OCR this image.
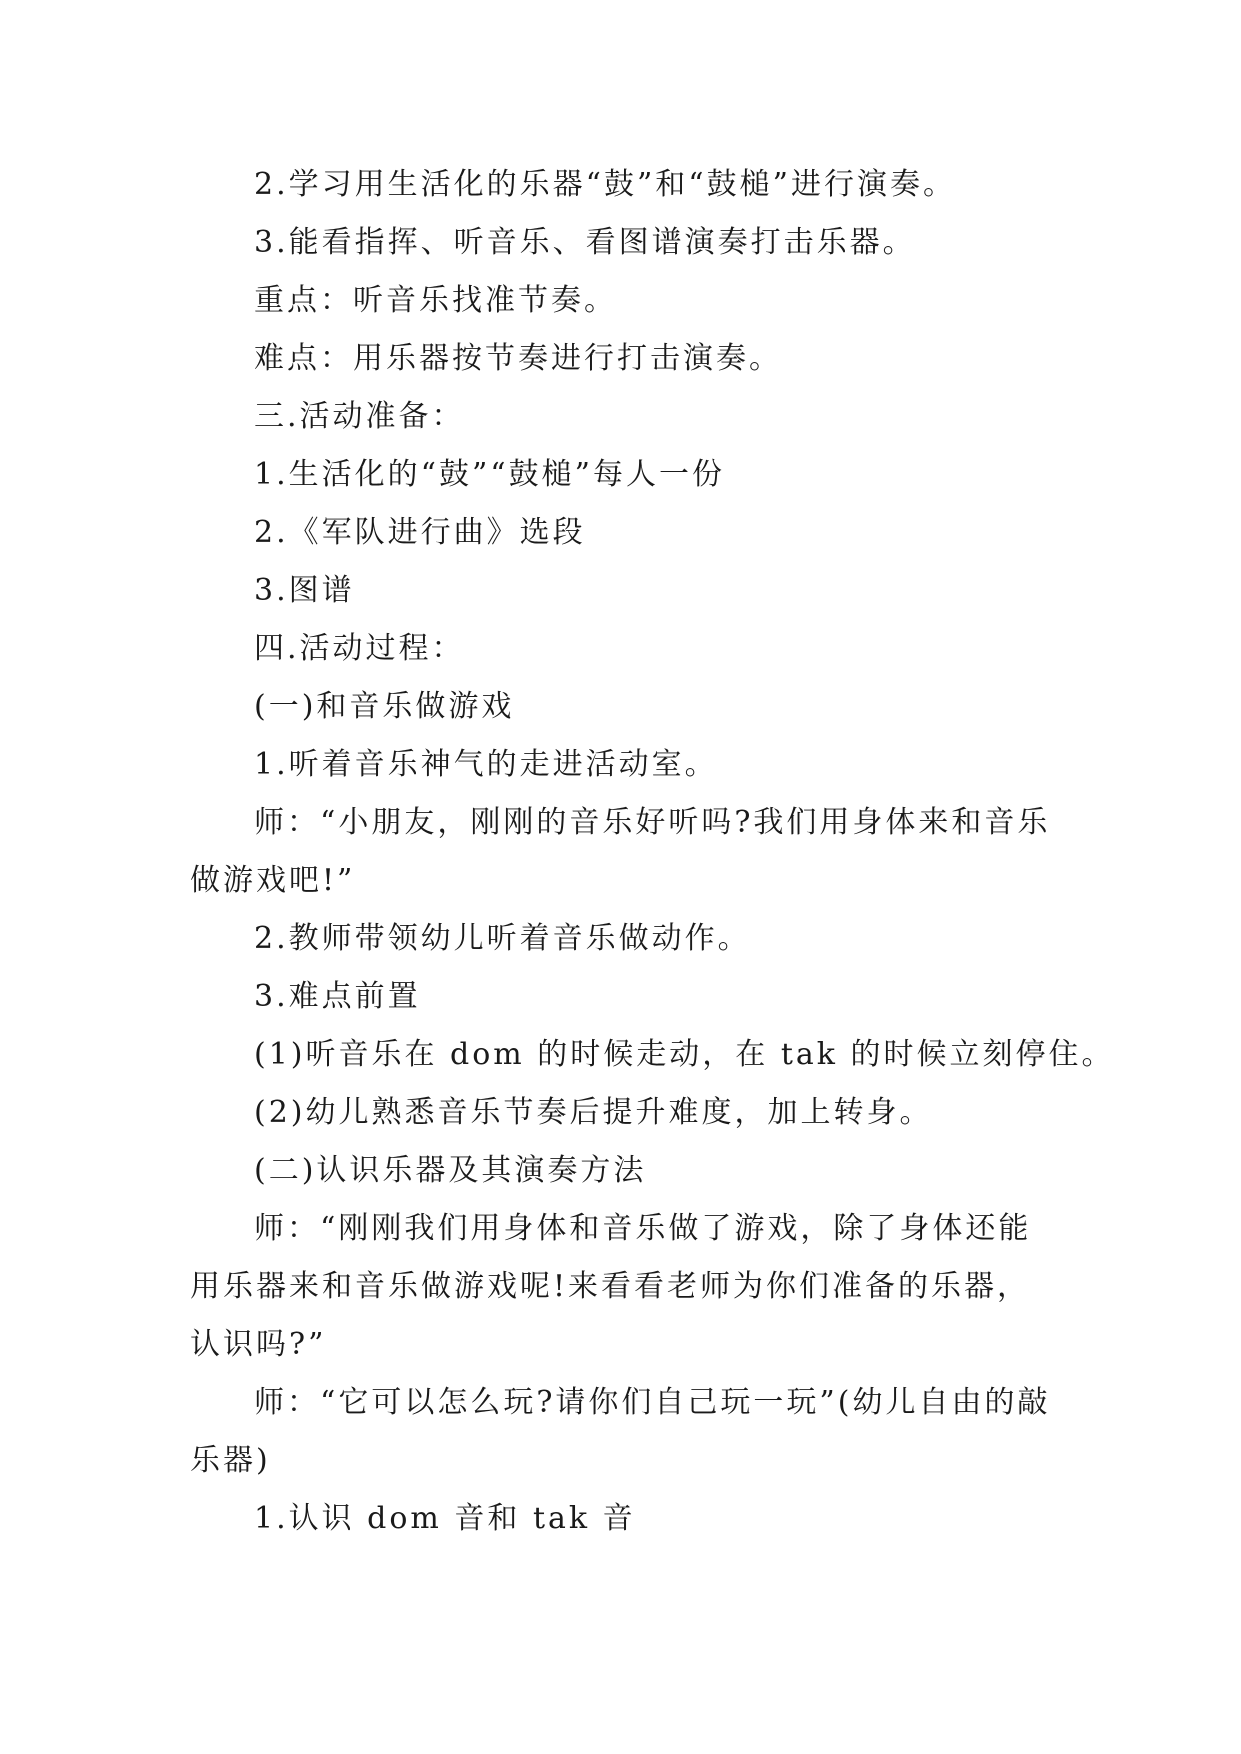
2.学习用生活化的乐器“鼓”和“鼓槌”进行演奏。

3.能看指挥、听音乐、看图谱演奏打击乐器。

重点：听音乐找准节奏。

难点：用乐器按节奏进行打击演奏。

三.活动准备：

1.生活化的“鼓”“鼓槌”每人一份

2.《军队进行曲》选段

3.图谱

四.活动过程：

(一)和音乐做游戏

1.听着音乐神气的走进活动室。

师：“小朋友，刚刚的音乐好听吗?我们用身体来和音乐做游戏吧!”

2.教师带领幼儿听着音乐做动作。

3.难点前置

(1)听音乐在 dom 的时候走动，在 tak 的时候立刻停住。

(2)幼儿熟悉音乐节奏后提升难度，加上转身。

(二)认识乐器及其演奏方法

师：“刚刚我们用身体和音乐做了游戏，除了身体还能用乐器来和音乐做游戏呢!来看看老师为你们准备的乐器，认识吗?”

师：“它可以怎么玩?请你们自己玩一玩”(幼儿自由的敲乐器)

1.认识 dom 音和 tak 音
